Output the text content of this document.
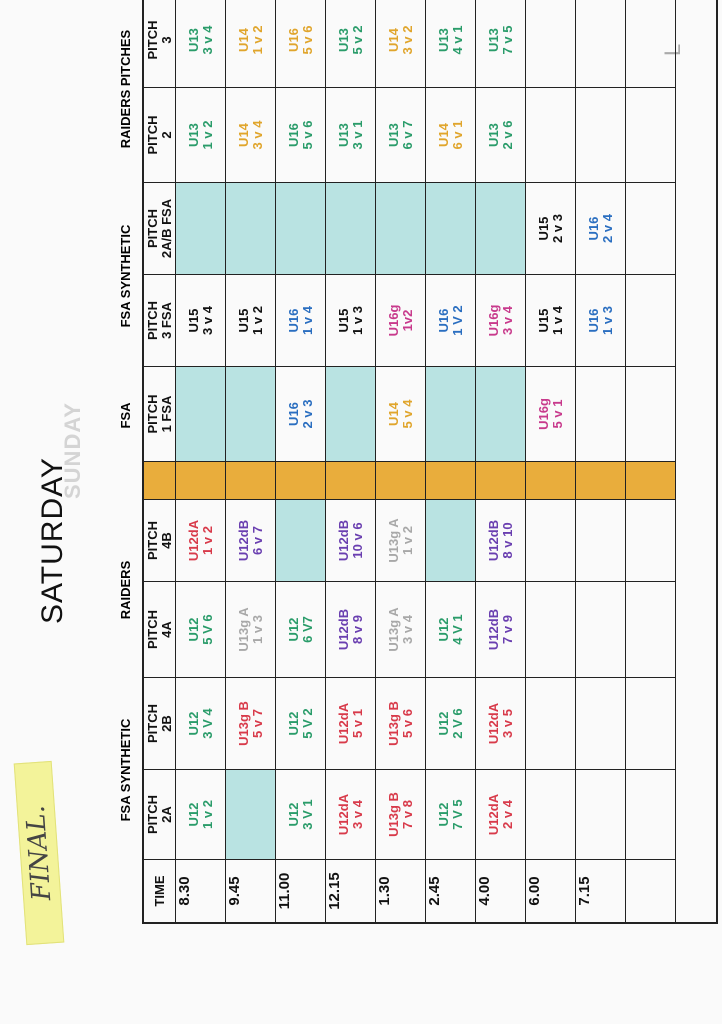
SUNDAY
SATURDAY
FINAL.
L
FSA SYNTHETIC
RAIDERS
FSA
FSA SYNTHETIC
RAIDERS PITCHES
TIME
PITCH 2A
PITCH 2B
PITCH 4A
PITCH 4B
PITCH 1 FSA
PITCH 3 FSA
PITCH 2A/B FSA
PITCH 2
PITCH 3
8.30
U12 1 v 2
U12 3 V 4
U12 5 V 6
U12dA 1 v 2
U15 3 v 4
U13 1 v 2
U13 3 v 4
9.45
U13g B 5 v 7
U13g A 1 v 3
U12dB 6 v 7
U15 1 v 2
U14 3 v 4
U14 1 v 2
11.00
U12 3 V 1
U12 5 V 2
U12 6 V7
U16 2 v 3
U16 1 v 4
U16 5 v 6
U16 5 v 6
12.15
U12dA 3 v 4
U12dA 5 v 1
U12dB 8 v 9
U12dB 10 v 6
U15 1 v 3
U13 3 v 1
U13 5 v 2
1.30
U13g B 7 v 8
U13g B 5 v 6
U13g A 3 v 4
U13g A 1 v 2
U14 5 v 4
U16g 1v2
U13 6 v 7
U14 3 v 2
2.45
U12 7 V 5
U12 2 V 6
U12 4 V 1
U16 1 V 2
U14 6 v 1
U13 4 v 1
4.00
U12dA 2 v 4
U12dA 3 v 5
U12dB 7 v 9
U12dB 8 v 10
U16g 3 v 4
U13 2 v 6
U13 7 v 5
6.00
U16g 5 v 1
U15 1 v 4
U15 2 v 3
7.15
U16 1 v 3
U16 2 v 4
